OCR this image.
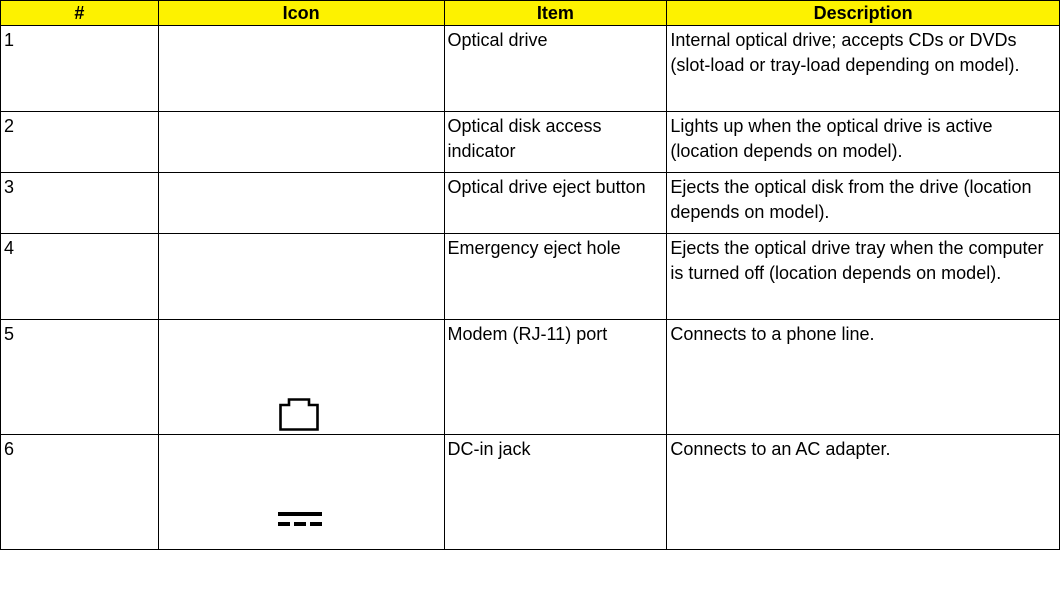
#	Icon	Item	Description
1		Optical drive	Internal optical drive; accepts CDs or DVDs (slot-load or tray-load depending on model).
2		Optical disk access indicator	Lights up when the optical drive is active (location depends on model).
3		Optical drive eject button	Ejects the optical disk from the drive (location depends on model).
4		Emergency eject hole	Ejects the optical drive tray when the computer is turned off (location depends on model).
5		Modem (RJ-11) port	Connects to a phone line.
6		DC-in jack	Connects to an AC adapter.
